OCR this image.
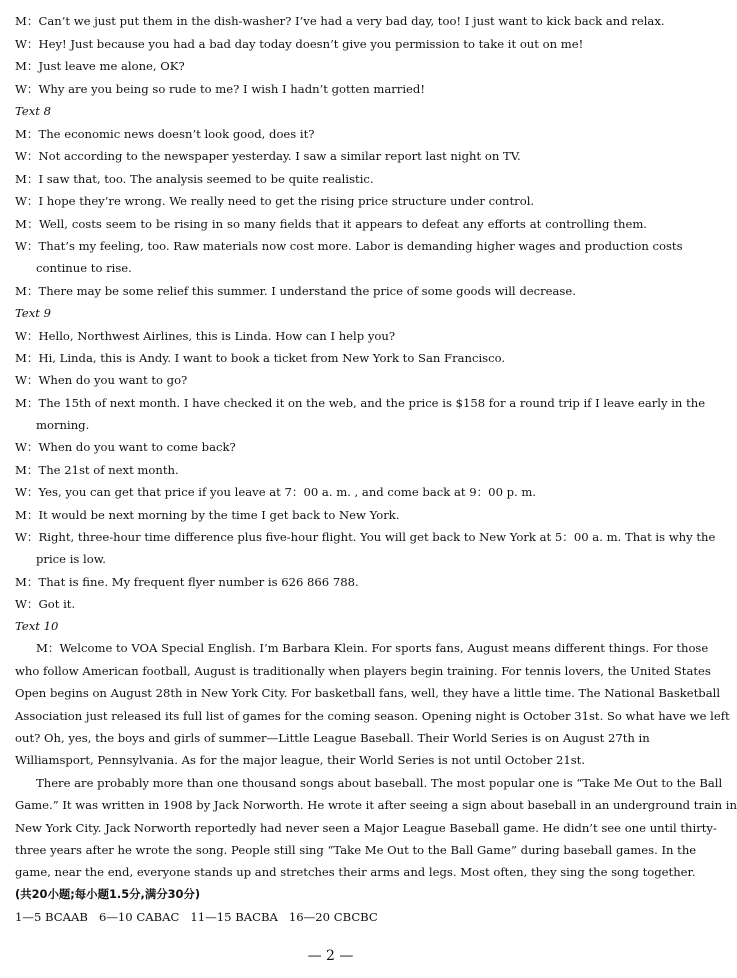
M：Can’t we just put them in the dish-washer? I’ve had a very bad day, too! I just want to kick back and relax.
W：Hey! Just because you had a bad day today doesn’t give you permission to take it out on me!
M：Just leave me alone, OK?
W：Why are you being so rude to me? I wish I hadn’t gotten married!
Text 8
M：The economic news doesn’t look good, does it?
W：Not according to the newspaper yesterday. I saw a similar report last night on TV.
M：I saw that, too. The analysis seemed to be quite realistic.
W：I hope they’re wrong. We really need to get the rising price structure under control.
M：Well, costs seem to be rising in so many fields that it appears to defeat any efforts at controlling them.
W：That’s my feeling, too. Raw materials now cost more. Labor is demanding higher wages and production costs
continue to rise.
M：There may be some relief this summer. I understand the price of some goods will decrease.
Text 9
W：Hello, Northwest Airlines, this is Linda. How can I help you?
M：Hi, Linda, this is Andy. I want to book a ticket from New York to San Francisco.
W：When do you want to go?
M：The 15th of next month. I have checked it on the web, and the price is $158 for a round trip if I leave early in the
morning.
W：When do you want to come back?
M：The 21st of next month.
W：Yes, you can get that price if you leave at 7：00 a. m. , and come back at 9：00 p. m.
M：It would be next morning by the time I get back to New York.
W：Right, three-hour time difference plus five-hour flight. You will get back to New York at 5：00 a. m. That is why the
price is low.
M：That is fine. My frequent flyer number is 626 866 788.
W：Got it.
Text 10
M：Welcome to VOA Special English. I’m Barbara Klein. For sports fans, August means different things. For those
who follow American football, August is traditionally when players begin training. For tennis lovers, the United States
Open begins on August 28th in New York City. For basketball fans, well, they have a little time. The National Basketball
Association just released its full list of games for the coming season. Opening night is October 31st. So what have we left
out? Oh, yes, the boys and girls of summer—Little League Baseball. Their World Series is on August 27th in
Williamsport, Pennsylvania. As for the major league, their World Series is not until October 21st.
There are probably more than one thousand songs about baseball. The most popular one is “Take Me Out to the Ball
Game.” It was written in 1908 by Jack Norworth. He wrote it after seeing a sign about baseball in an underground train in
New York City. Jack Norworth reportedly had never seen a Major League Baseball game. He didn’t see one until thirty-
three years after he wrote the song. People still sing “Take Me Out to the Ball Game” during baseball games. In the
game, near the end, everyone stands up and stretches their arms and legs. Most often, they sing the song together.
(共20小题;每小题1.5分,满分30分)
1—5 BCAAB   6—10 CABAC   11—15 BACBA   16—20 CBCBC
— 2 —
